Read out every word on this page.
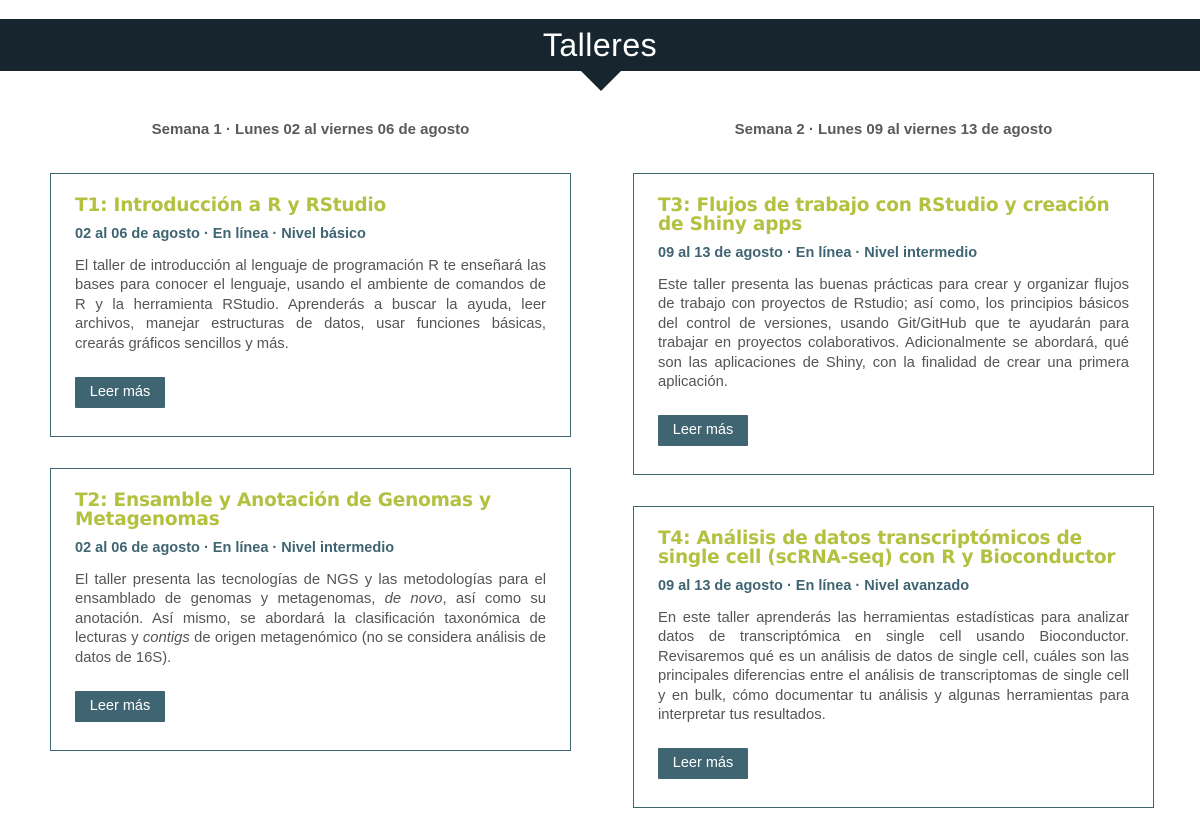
Talleres
Semana 1 · Lunes 02 al viernes 06 de agosto	Semana 2 · Lunes 09 al viernes 13 de agosto
T1: Introducción a R y RStudio
02 al 06 de agosto · En línea · Nivel básico

El taller de introducción al lenguaje de programación R te enseñará las bases para conocer el lenguaje, usando el ambiente de comandos de R y la herramienta RStudio. Aprenderás a buscar la ayuda, leer archivos, manejar estructuras de datos, usar funciones básicas, crearás gráficos sencillos y más.

Leer más
T2: Ensamble y Anotación de Genomas y Metagenomas
02 al 06 de agosto · En línea · Nivel intermedio

El taller presenta las tecnologías de NGS y las metodologías para el ensamblado de genomas y metagenomas, de novo, así como su anotación. Así mismo, se abordará la clasificación taxonómica de lecturas y contigs de origen metagenómico (no se considera análisis de datos de 16S).

Leer más
T3: Flujos de trabajo con RStudio y creación de Shiny apps
09 al 13 de agosto · En línea · Nivel intermedio

Este taller presenta las buenas prácticas para crear y organizar flujos de trabajo con proyectos de Rstudio; así como, los principios básicos del control de versiones, usando Git/GitHub que te ayudarán para trabajar en proyectos colaborativos. Adicionalmente se abordará, qué son las aplicaciones de Shiny, con la finalidad de crear una primera aplicación.

Leer más
T4: Análisis de datos transcriptómicos de single cell (scRNA-seq) con R y Bioconductor
09 al 13 de agosto · En línea · Nivel avanzado

En este taller aprenderás las herramientas estadísticas para analizar datos de transcriptómica en single cell usando Bioconductor. Revisaremos qué es un análisis de datos de single cell, cuáles son las principales diferencias entre el análisis de transcriptomas de single cell y en bulk, cómo documentar tu análisis y algunas herramientas para interpretar tus resultados.

Leer más
